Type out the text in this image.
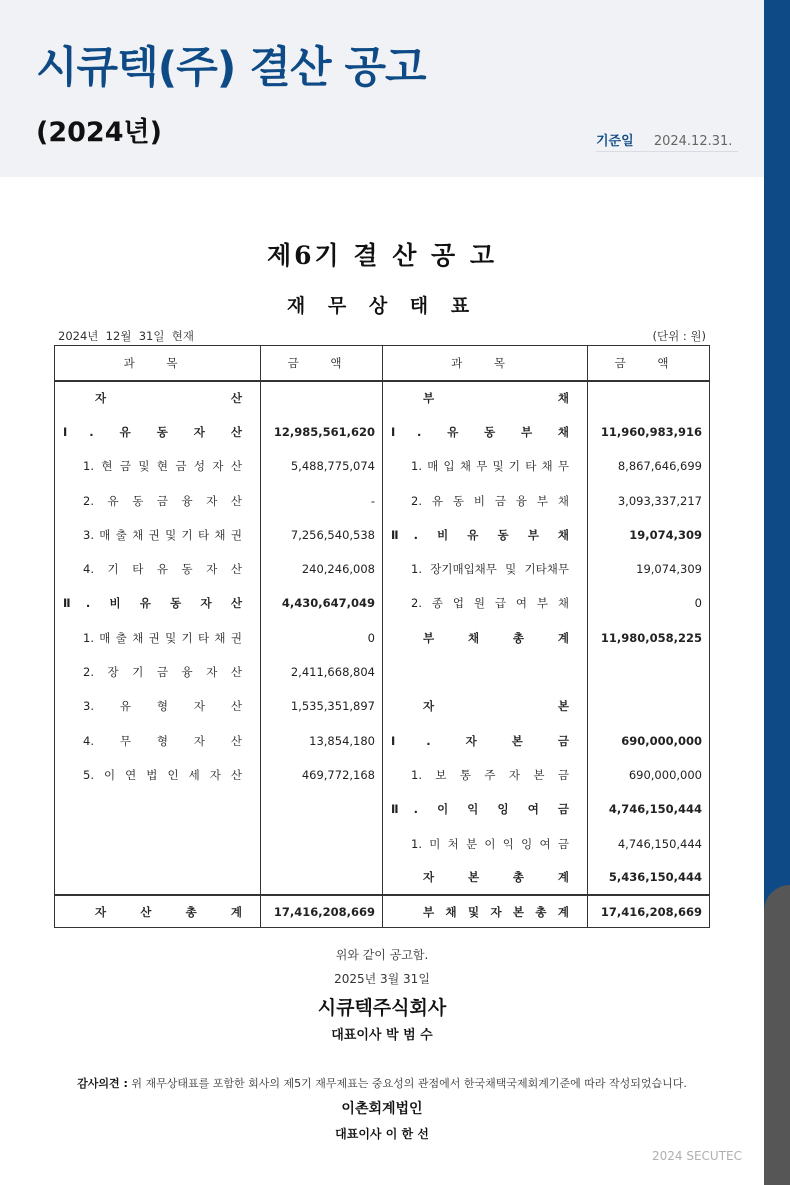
시큐텍(주) 결산 공고
(2024년)	기준일 2024.12.31.
제6기 결 산 공 고
재 무 상 태 표
2024년  12월  31일  현재	(단위 : 원)
과 목	금 액	과 목	금 액
자 산		부 채	
Ⅰ. 유 동 자 산	12,985,561,620	Ⅰ. 유 동 부 채	11,960,983,916
1. 현 금 및 현 금 성 자 산	5,488,775,074	1. 매 입 채 무 및 기 타 채 무	8,867,646,699
2. 유 동 금 융 자 산	-	2. 유 동 비 금 융 부 채	3,093,337,217
3. 매 출 채 권 및 기 타 채 권	7,256,540,538	Ⅱ. 비 유 동 부 채	19,074,309
4. 기 타 유 동 자 산	240,246,008	1. 장기매입채무 및 기타채무	19,074,309
Ⅱ. 비 유 동 자 산	4,430,647,049	2. 종 업 원 급 여 부 채	0
1. 매 출 채 권 및 기 타 채 권	0	부 채 총 계	11,980,058,225
2. 장 기 금 융 자 산	2,411,668,804		
3. 유 형 자 산	1,535,351,897	자 본	
4. 무 형 자 산	13,854,180	Ⅰ. 자 본 금	690,000,000
5. 이 연 법 인 세 자 산	469,772,168	1. 보 통 주 자 본 금	690,000,000
		Ⅱ. 이 익 잉 여 금	4,746,150,444
		1. 미 처 분 이 익 잉 여 금	4,746,150,444
		자 본 총 계	5,436,150,444
자 산 총 계	17,416,208,669	부 채 및 자 본 총 계	17,416,208,669
위와 같이 공고함.
2025년 3월 31일
시큐텍주식회사
대표이사 박 범 수
감사의견 : 위 재무상태표를 포함한 회사의 제5기 재무제표는 중요성의 관점에서 한국채택국제회계기준에 따라 작성되었습니다.
이촌회계법인
대표이사 이 한 선
2024 SECUTEC
